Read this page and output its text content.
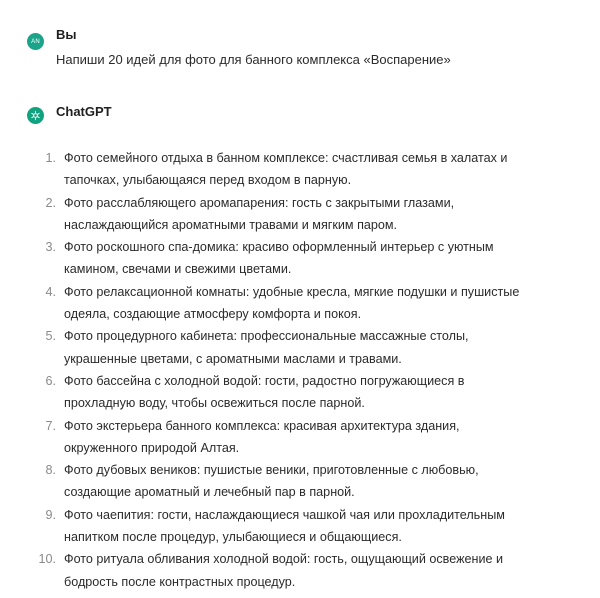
AN	Вы
Напиши 20 идей для фото для банного комплекса «Воспарение»
ChatGPT
1. Фото семейного отдыха в банном комплексе: счастливая семья в халатах и
тапочках, улыбающаяся перед входом в парную.
2. Фото расслабляющего аромапарения: гость с закрытыми глазами,
наслаждающийся ароматными травами и мягким паром.
3. Фото роскошного спа-домика: красиво оформленный интерьер с уютным
камином, свечами и свежими цветами.
4. Фото релаксационной комнаты: удобные кресла, мягкие подушки и пушистые
одеяла, создающие атмосферу комфорта и покоя.
5. Фото процедурного кабинета: профессиональные массажные столы,
украшенные цветами, с ароматными маслами и травами.
6. Фото бассейна с холодной водой: гости, радостно погружающиеся в
прохладную воду, чтобы освежиться после парной.
7. Фото экстерьера банного комплекса: красивая архитектура здания,
окруженного природой Алтая.
8. Фото дубовых веников: пушистые веники, приготовленные с любовью,
создающие ароматный и лечебный пар в парной.
9. Фото чаепития: гости, наслаждающиеся чашкой чая или прохладительным
напитком после процедур, улыбающиеся и общающиеся.
10. Фото ритуала обливания холодной водой: гость, ощущающий освежение и
бодрость после контрастных процедур.
